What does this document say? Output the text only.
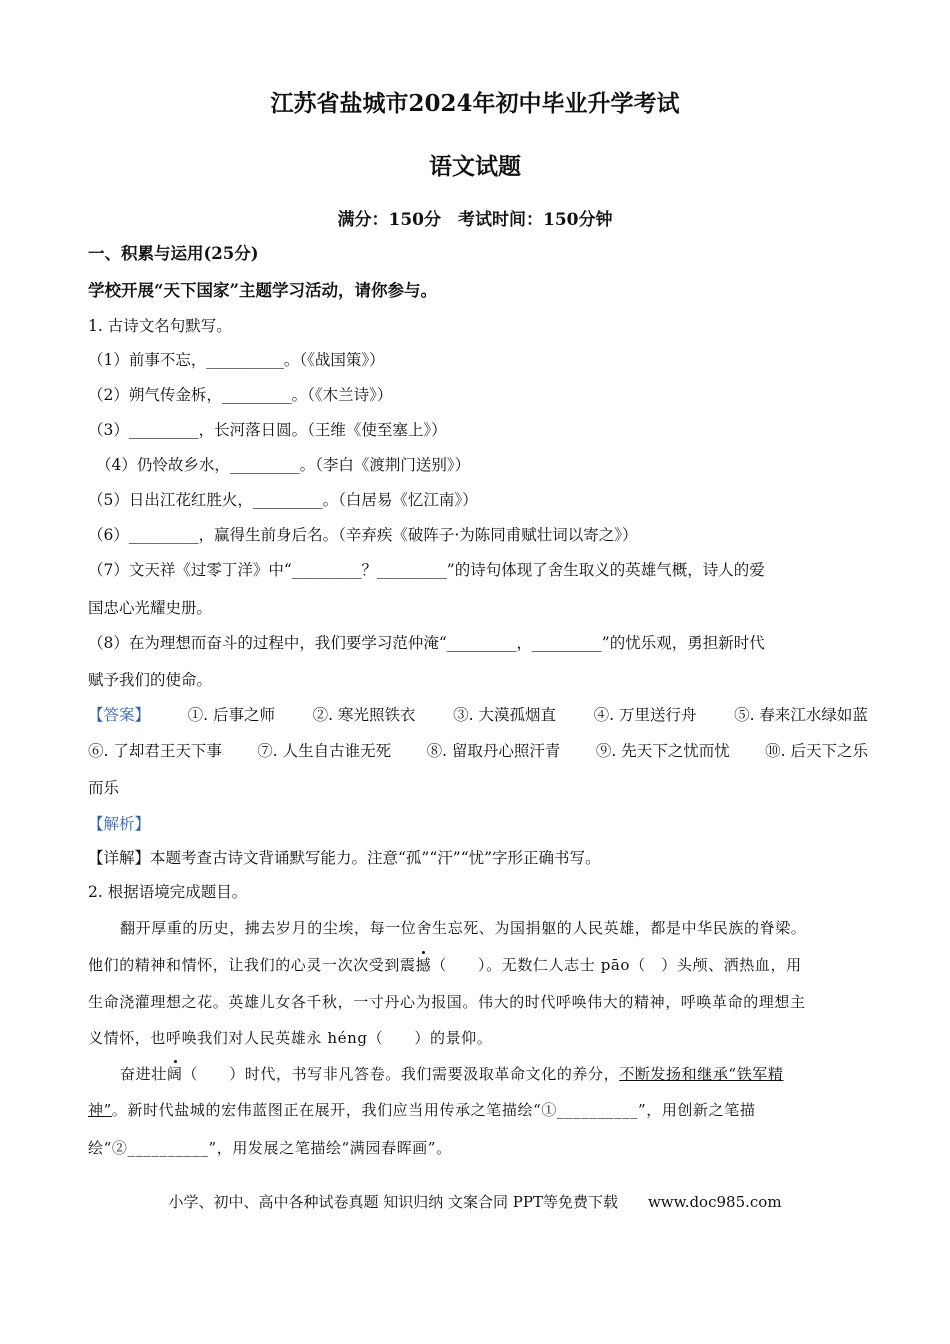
江苏省盐城市2024年初中毕业升学考试
语文试题
满分：150分　考试时间：150分钟
一、积累与运用(25分)
学校开展“天下国家”主题学习活动，请你参与。
1. 古诗文名句默写。
（1）前事不忘，__________。（《战国策》）
（2）朔气传金柝，_________。（《木兰诗》）
（3）_________，长河落日圆。（王维《使至塞上》）
（4）仍怜故乡水，_________。（李白《渡荆门送别》）
（5）日出江花红胜火，_________。（白居易《忆江南》）
（6）_________，赢得生前身后名。（辛弃疾《破阵子·为陈同甫赋壮词以寄之》）
（7）文天祥《过零丁洋》中“_________？_________”的诗句体现了舍生取义的英雄气概，诗人的爱
国忠心光耀史册。
（8）在为理想而奋斗的过程中，我们要学习范仲淹“_________，_________”的忧乐观，勇担新时代
赋予我们的使命。
【答案】 ①. 后事之师 ②. 寒光照铁衣 ③. 大漠孤烟直 ④. 万里送行舟 ⑤. 春来江水绿如蓝
⑥. 了却君王天下事 ⑦. 人生自古谁无死 ⑧. 留取丹心照汗青 ⑨. 先天下之忧而忧 ⑩. 后天下之乐
而乐
【解析】
【详解】本题考查古诗文背诵默写能力。注意“孤”“汗”“忧”字形正确书写。
2. 根据语境完成题目。
翻开厚重的历史，拂去岁月的尘埃，每一位舍生忘死、为国捐躯的人民英雄，都是中华民族的脊梁。
他们的精神和情怀，让我们的心灵一次次受到震撼（　　）。无数仁人志士 pāo（　）头颅、洒热血，用
生命浇灌理想之花。英雄儿女各千秋，一寸丹心为报国。伟大的时代呼唤伟大的精神，呼唤革命的理想主
义情怀，也呼唤我们对人民英雄永 héng（　　）的景仰。
奋进壮阔（　　）时代，书写非凡答卷。我们需要汲取革命文化的养分，不断发扬和继承“铁军精
神”。新时代盐城的宏伟蓝图正在展开，我们应当用传承之笔描绘“①__________”，用创新之笔描
绘“②__________”，用发展之笔描绘“满园春晖画”。
小学、初中、高中各种试卷真题 知识归纳 文案合同 PPT等免费下载　　www.doc985.com
